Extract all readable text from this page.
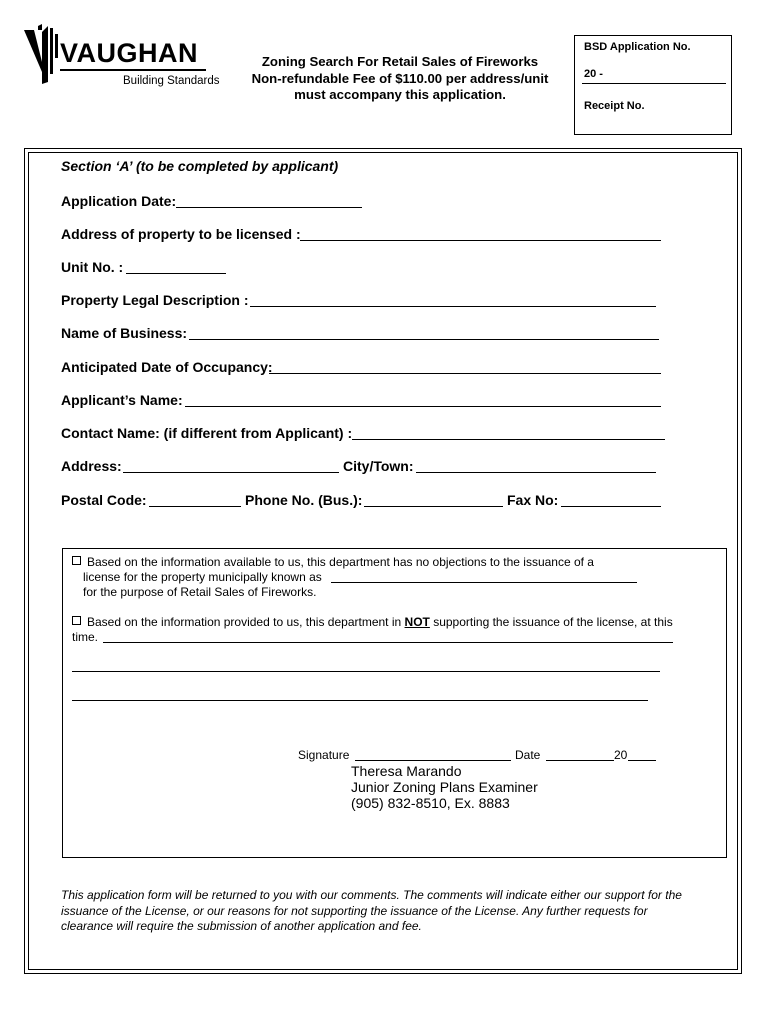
VAUGHAN
Building Standards
Zoning Search For Retail Sales of Fireworks
Non-refundable Fee of $110.00 per address/unit
must accompany this application.
BSD Application No.
20 -
Receipt No.
Section ‘A’ (to be completed by applicant)
Application Date:
Address of property to be licensed :
Unit No. :
Property Legal Description :
Name of Business:
Anticipated Date of Occupancy:
Applicant’s Name:
Contact Name: (if different from Applicant) :
Address:	City/Town:
Postal Code:	Phone No. (Bus.):	Fax No:
Based on the information available to us, this department has no objections to the issuance of a
license for the property municipally known as
for the purpose of Retail Sales of Fireworks.
Based on the information provided to us, this department in NOT supporting the issuance of the license, at this
time.
Signature	Date	20
Theresa Marando
Junior Zoning Plans Examiner
(905) 832-8510, Ex. 8883
This application form will be returned to you with our comments. The comments will indicate either our support for the
issuance of the License, or our reasons for not supporting the issuance of the License. Any further requests for
clearance will require the submission of another application and fee.
